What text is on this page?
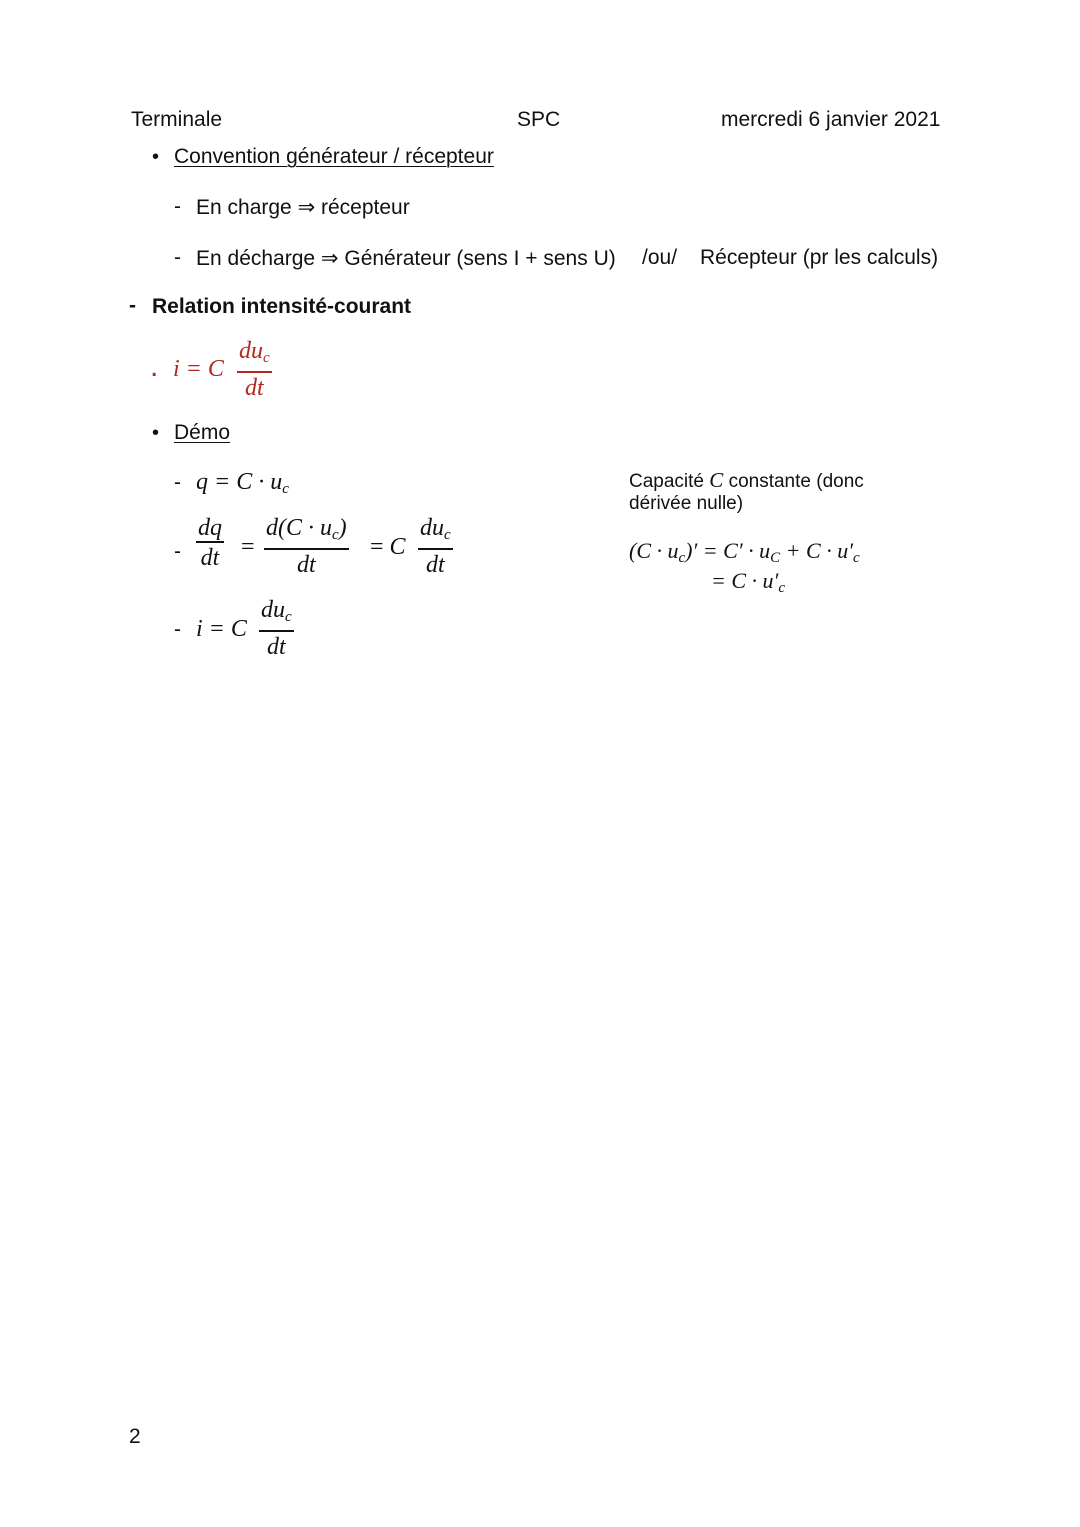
Terminale	SPC	mercredi 6 janvier 2021
• Convention générateur / récepteur
- En charge ⇒ récepteur
- En décharge ⇒ Générateur (sens I + sens U) /ou/ Récepteur (pr les calculs)
- Relation intensité-courant
. i = C
$du_c$
dt
• Démo
- $q = C \cdot u_c$
-
dq
dt =
$d(C \cdot u_c)$
dt
= C
$du_c$
dt
- i = C
$du_c$
dt
Capacité C constante (donc
dérivée nulle)
$(C \cdot u_c)' = C' \cdot u_C + C \cdot u'_c$
= $C \cdot u'_c$
2
